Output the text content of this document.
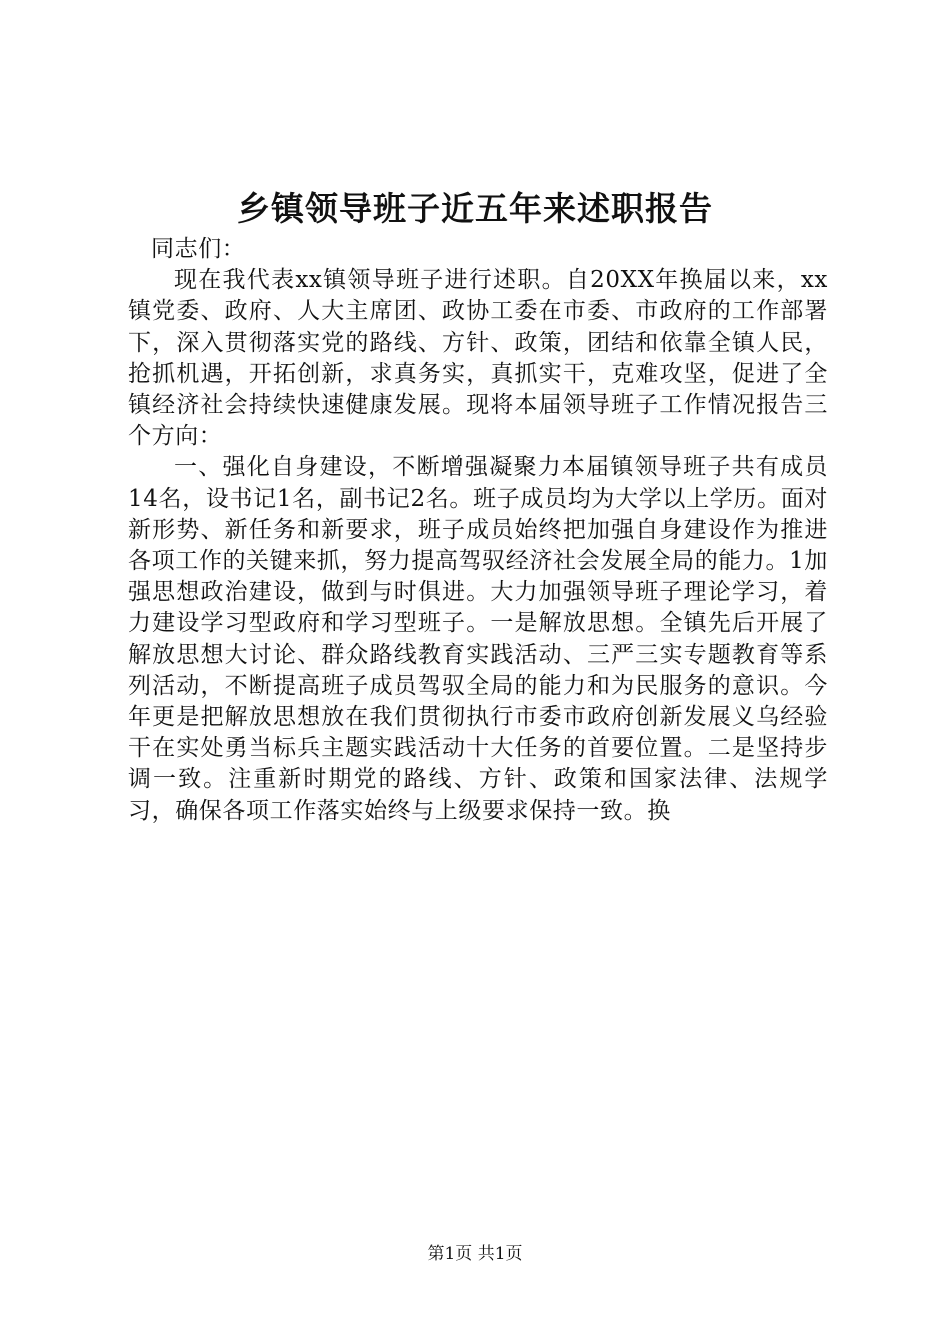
乡镇领导班子近五年来述职报告

同志们：

现在我代表xx镇领导班子进行述职。自20XX年换届以来，xx镇党委、政府、人大主席团、政协工委在市委、市政府的工作部署下，深入贯彻落实党的路线、方针、政策，团结和依靠全镇人民，抢抓机遇，开拓创新，求真务实，真抓实干，克难攻坚，促进了全镇经济社会持续快速健康发展。现将本届领导班子工作情况报告三个方向：

一、强化自身建设，不断增强凝聚力本届镇领导班子共有成员14名，设书记1名，副书记2名。班子成员均为大学以上学历。面对新形势、新任务和新要求，班子成员始终把加强自身建设作为推进各项工作的关键来抓，努力提高驾驭经济社会发展全局的能力。1加强思想政治建设，做到与时俱进。大力加强领导班子理论学习，着力建设学习型政府和学习型班子。一是解放思想。全镇先后开展了解放思想大讨论、群众路线教育实践活动、三严三实专题教育等系列活动，不断提高班子成员驾驭全局的能力和为民服务的意识。今年更是把解放思想放在我们贯彻执行市委市政府创新发展义乌经验干在实处勇当标兵主题实践活动十大任务的首要位置。二是坚持步调一致。注重新时期党的路线、方针、政策和国家法律、法规学习，确保各项工作落实始终与上级要求保持一致。换

第1页 共1页
